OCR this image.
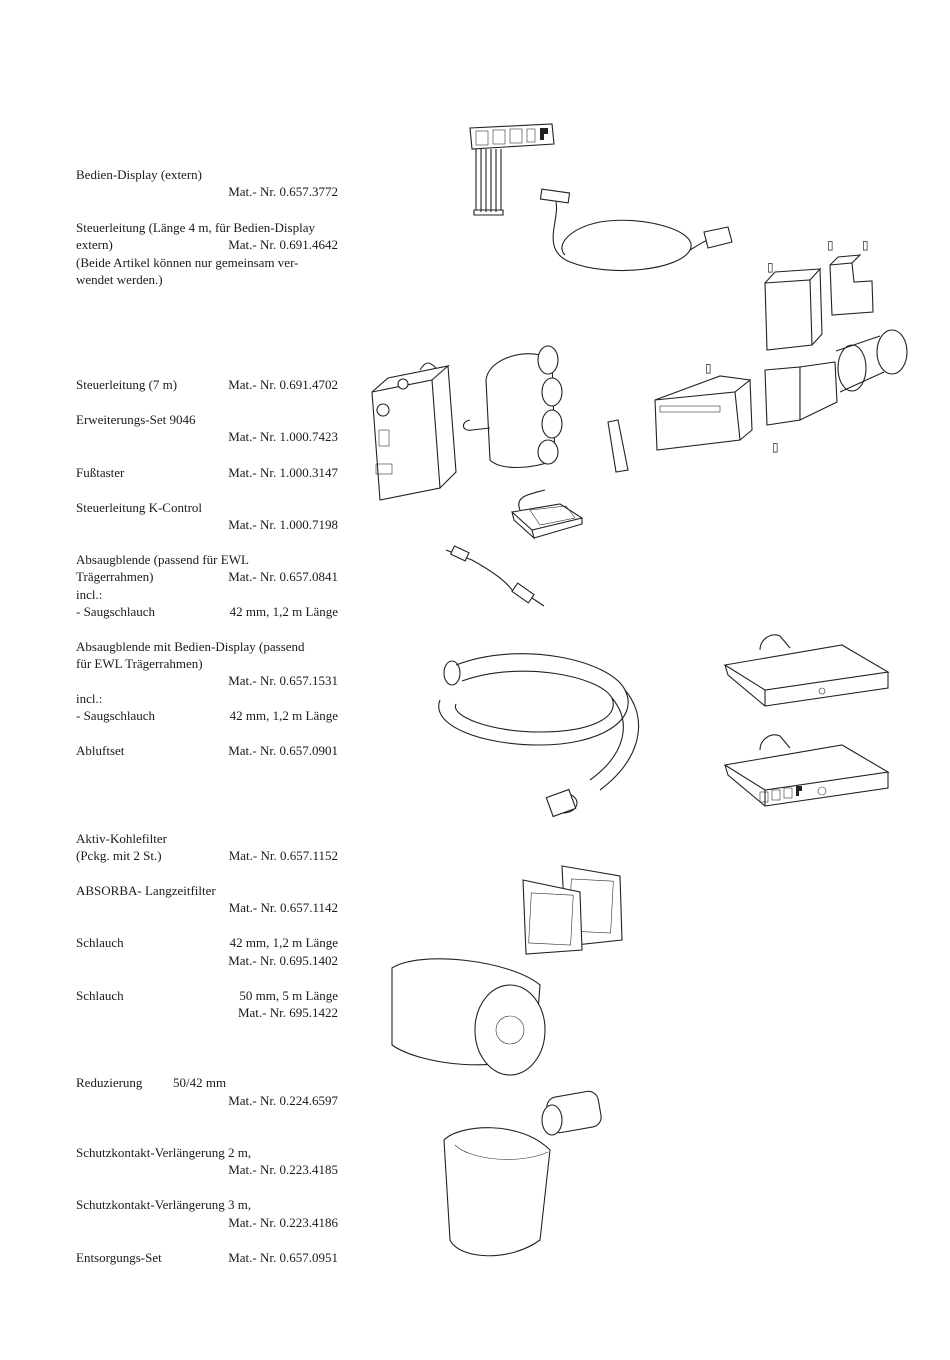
Bedien-Display (extern)
Mat.- Nr. 0.657.3772
Steuerleitung (Länge 4 m, für Bedien-Display
extern)	Mat.- Nr. 0.691.4642
(Beide Artikel können nur gemeinsam ver-
wendet werden.)
Steuerleitung (7 m)	Mat.- Nr. 0.691.4702
Erweiterungs-Set 9046
Mat.- Nr. 1.000.7423
Fußtaster	Mat.- Nr. 1.000.3147
Steuerleitung K-Control
Mat.- Nr. 1.000.7198
Absaugblende (passend für EWL
Trägerrahmen)	Mat.- Nr. 0.657.0841
incl.:
- Saugschlauch	42 mm, 1,2 m Länge
Absaugblende mit Bedien-Display (passend
für EWL Trägerrahmen)
Mat.- Nr. 0.657.1531
incl.:
- Saugschlauch	42 mm, 1,2 m Länge
Abluftset	Mat.- Nr. 0.657.0901
Aktiv-Kohlefilter
(Pckg. mit 2 St.)	Mat.- Nr. 0.657.1152
ABSORBA- Langzeitfilter
Mat.- Nr. 0.657.1142
Schlauch	42 mm, 1,2 m Länge
Mat.- Nr. 0.695.1402
Schlauch	50 mm, 5 m Länge
Mat.- Nr. 695.1422
Reduzierung 50/42 mm
Mat.- Nr. 0.224.6597
Schutzkontakt-Verlängerung 2 m,
Mat.- Nr. 0.223.4185
Schutzkontakt-Verlängerung 3 m,
Mat.- Nr. 0.223.4186
Entsorgungs-Set	Mat.- Nr. 0.657.0951
▯ ▯
▯
▯
▯
